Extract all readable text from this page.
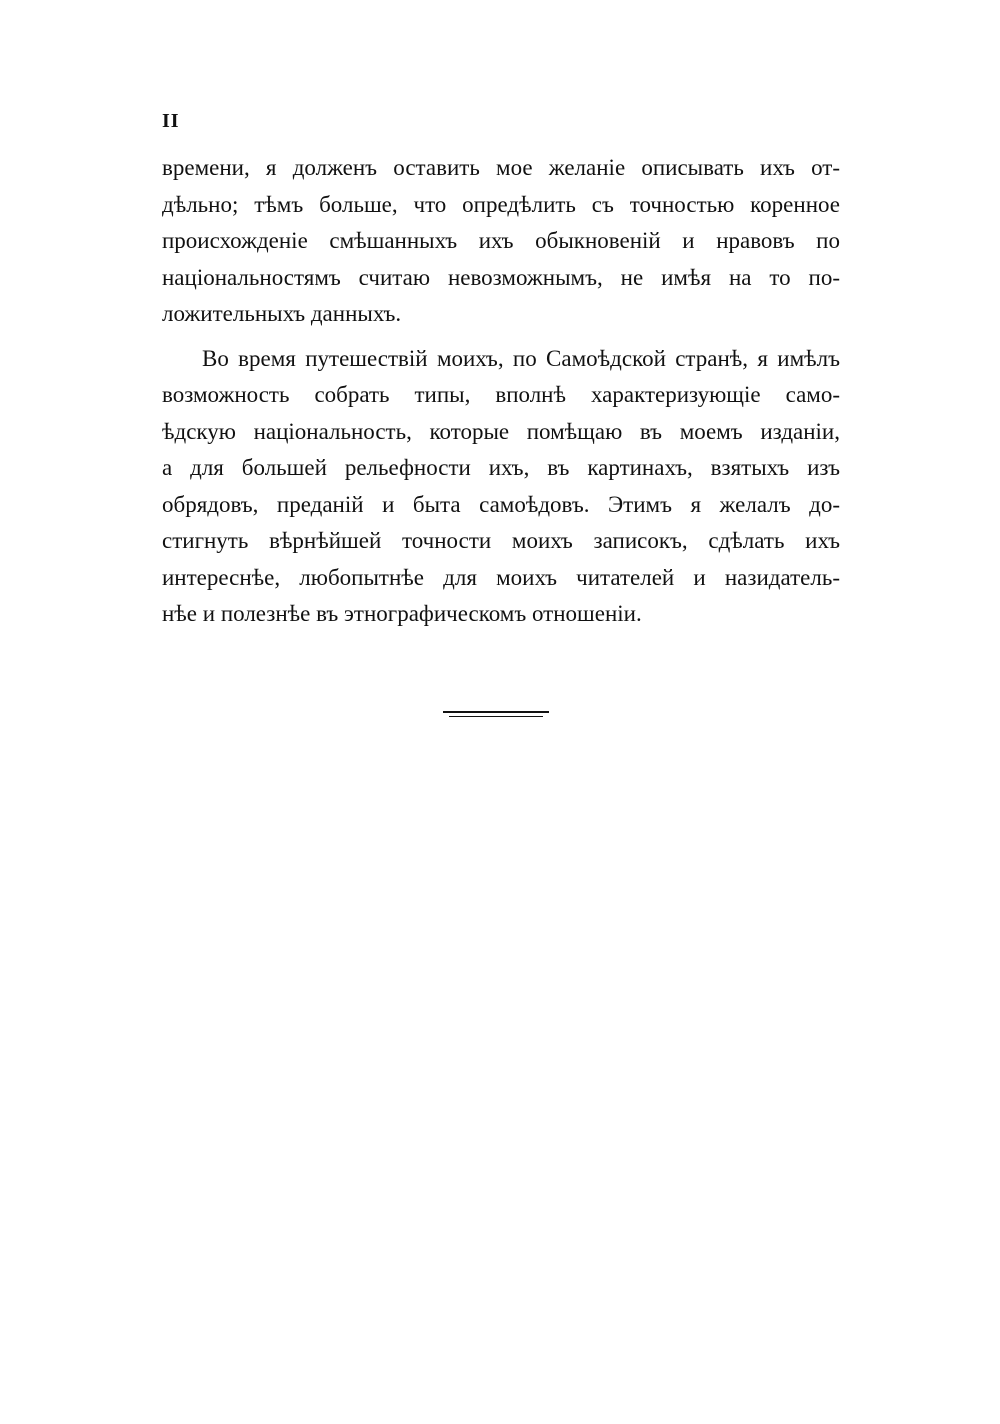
II
времени, я долженъ оставить мое желанiе описывать ихъ от-
дѣльно; тѣмъ больше, что опредѣлить съ точностью коренное
происхожденiе смѣшанныхъ ихъ обыкновенiй и нравовъ по
нацiональностямъ считаю невозможнымъ, не имѣя на то по-
ложительныхъ данныхъ.
Во время путешествiй моихъ, по Самоѣдской странѣ, я имѣлъ
возможность собрать типы, вполнѣ характеризующiе само-
ѣдскую нацiональность, которые помѣщаю въ моемъ изданiи,
а для большей рельефности ихъ, въ картинахъ, взятыхъ изъ
обрядовъ, преданiй и быта самоѣдовъ. Этимъ я желалъ до-
стигнуть вѣрнѣйшей точности моихъ записокъ, сдѣлать ихъ
интереснѣе, любопытнѣе для моихъ читателей и назидатель-
нѣе и полезнѣе въ этнографическомъ отношенiи.
